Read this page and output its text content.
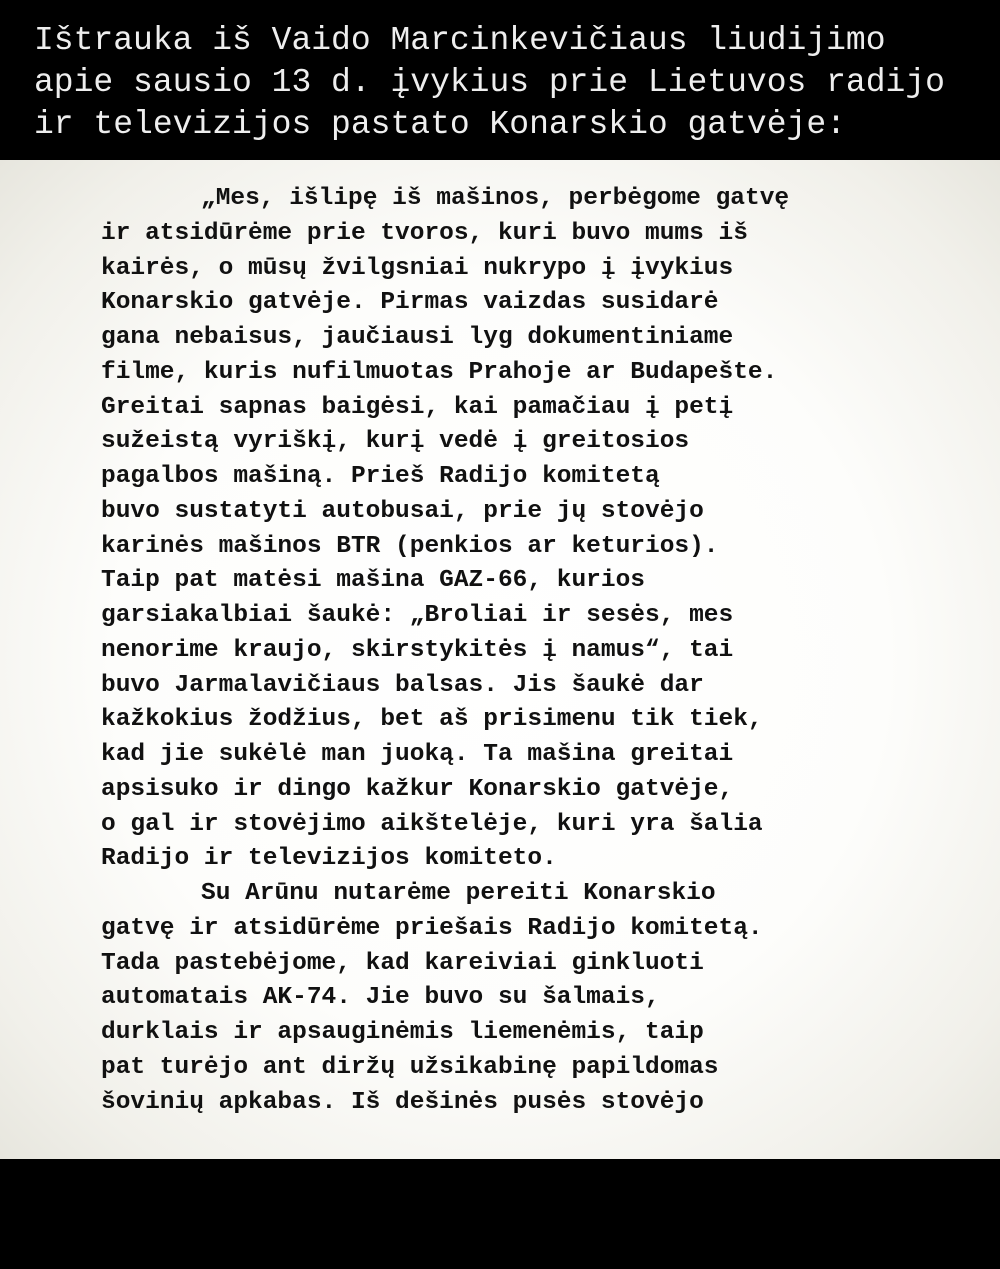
Ištrauka iš Vaido Marcinkevičiaus liudijimo

apie sausio 13 d. įvykius prie Lietuvos radijo

ir televizijos pastato Konarskio gatvėje:

„Mes, išlipę iš mašinos, perbėgome gatvę
ir atsidūrėme prie tvoros, kuri buvo mums iš
kairės, o mūsų žvilgsniai nukrypo į įvykius
Konarskio gatvėje. Pirmas vaizdas susidarė
gana nebaisus, jaučiausi lyg dokumentiniame
filme, kuris nufilmuotas Prahoje ar Budapešte.
Greitai sapnas baigėsi, kai pamačiau į petį
sužeistą vyriškį, kurį vedė į greitosios
pagalbos mašiną. Prieš Radijo komitetą
buvo sustatyti autobusai, prie jų stovėjo
karinės mašinos BTR (penkios ar keturios).
Taip pat matėsi mašina GAZ-66, kurios
garsiakalbiai šaukė: „Broliai ir sesės, mes
nenorime kraujo, skirstykitės į namus“, tai
buvo Jarmalavičiaus balsas. Jis šaukė dar
kažkokius žodžius, bet aš prisimenu tik tiek,
kad jie sukėlė man juoką. Ta mašina greitai
apsisuko ir dingo kažkur Konarskio gatvėje,
o gal ir stovėjimo aikštelėje, kuri yra šalia
Radijo ir televizijos komiteto.
Su Arūnu nutarėme pereiti Konarskio
gatvę ir atsidūrėme priešais Radijo komitetą.
Tada pastebėjome, kad kareiviai ginkluoti
automatais AK-74. Jie buvo su šalmais,
durklais ir apsauginėmis liemenėmis, taip
pat turėjo ant diržų užsikabinę papildomas
šovinių apkabas. Iš dešinės pusės stovėjo
